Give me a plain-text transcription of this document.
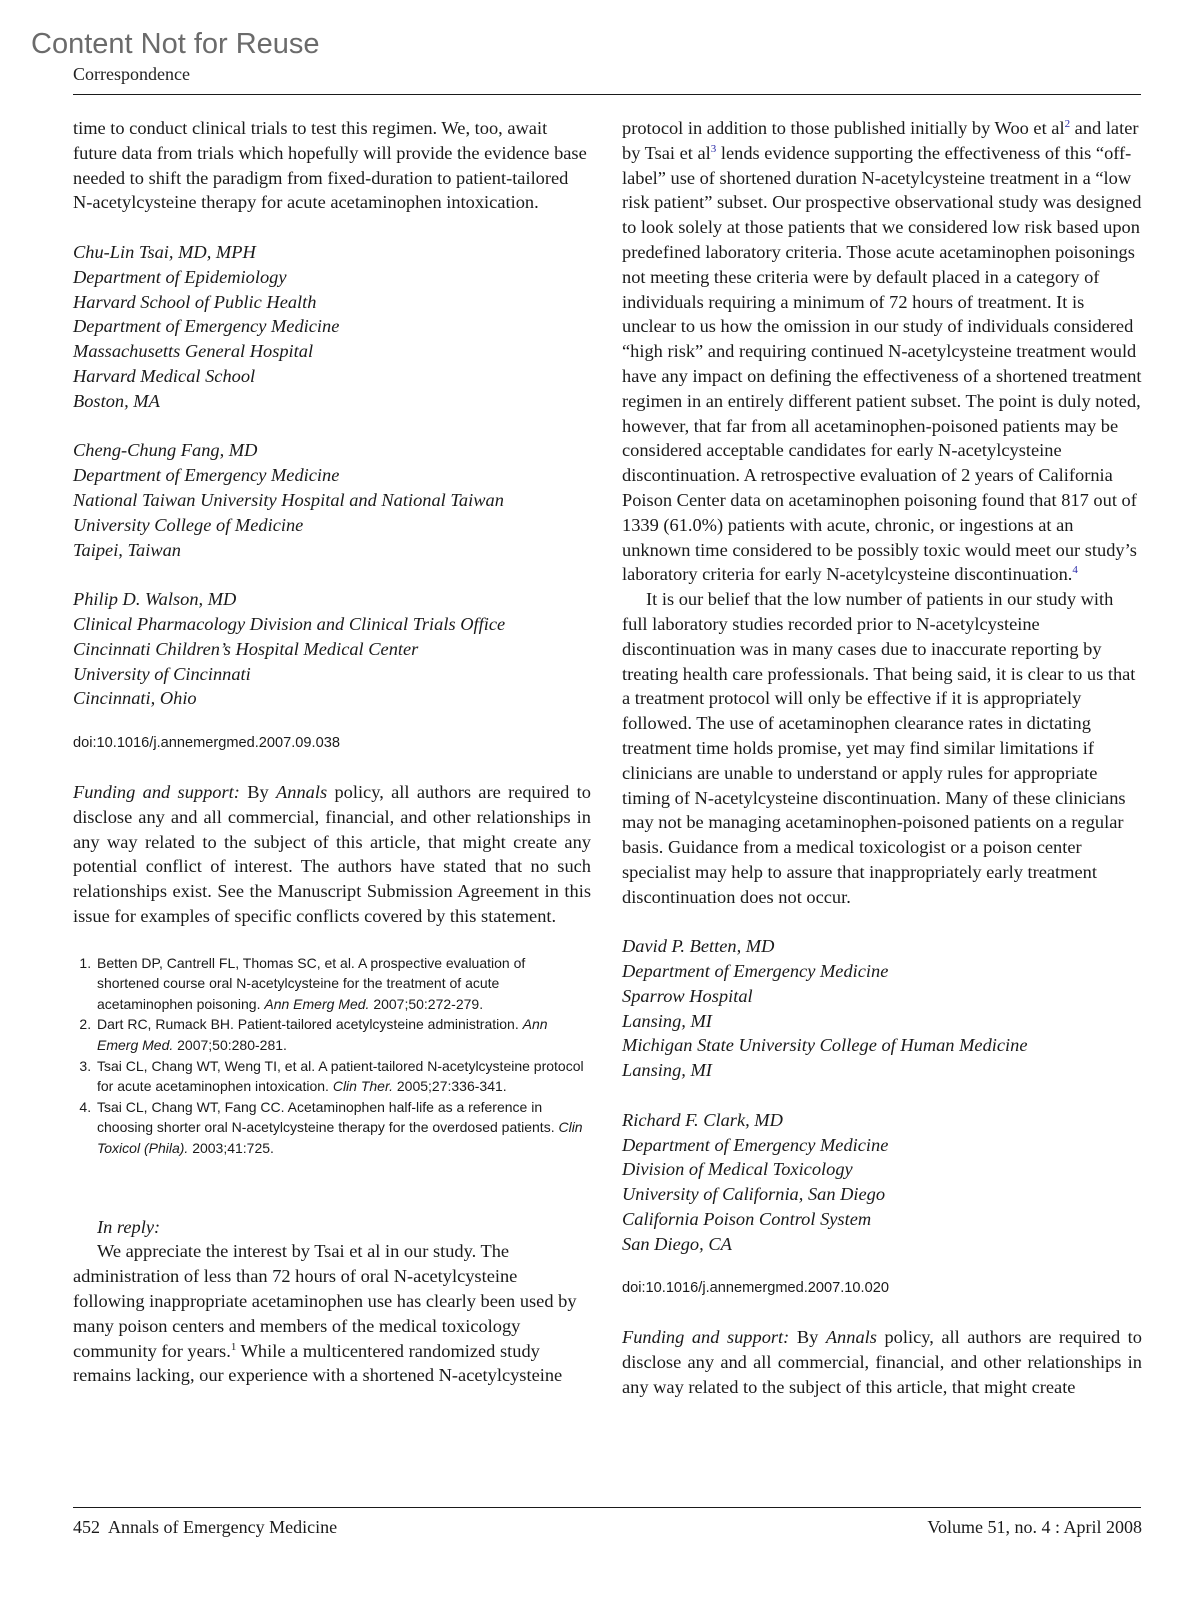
Content Not for Reuse
Correspondence

time to conduct clinical trials to test this regimen. We, too, await future data from trials which hopefully will provide the evidence base needed to shift the paradigm from fixed-duration to patient-tailored N-acetylcysteine therapy for acute acetaminophen intoxication.

Chu-Lin Tsai, MD, MPH
Department of Epidemiology
Harvard School of Public Health
Department of Emergency Medicine
Massachusetts General Hospital
Harvard Medical School
Boston, MA
Cheng-Chung Fang, MD
Department of Emergency Medicine
National Taiwan University Hospital and National Taiwan
University College of Medicine
Taipei, Taiwan
Philip D. Walson, MD
Clinical Pharmacology Division and Clinical Trials Office
Cincinnati Children’s Hospital Medical Center
University of Cincinnati
Cincinnati, Ohio
doi:10.1016/j.annemergmed.2007.09.038

Funding and support: By Annals policy, all authors are required to disclose any and all commercial, financial, and other relationships in any way related to the subject of this article, that might create any potential conflict of interest. The authors have stated that no such relationships exist. See the Manuscript Submission Agreement in this issue for examples of specific conflicts covered by this statement.

1. Betten DP, Cantrell FL, Thomas SC, et al. A prospective evaluation of shortened course oral N-acetylcysteine for the treatment of acute acetaminophen poisoning. Ann Emerg Med. 2007;50:272-279.
2. Dart RC, Rumack BH. Patient-tailored acetylcysteine administration. Ann Emerg Med. 2007;50:280-281.
3. Tsai CL, Chang WT, Weng TI, et al. A patient-tailored N-acetylcysteine protocol for acute acetaminophen intoxication. Clin Ther. 2005;27:336-341.
4. Tsai CL, Chang WT, Fang CC. Acetaminophen half-life as a reference in choosing shorter oral N-acetylcysteine therapy for the overdosed patients. Clin Toxicol (Phila). 2003;41:725.

In reply:

We appreciate the interest by Tsai et al in our study. The administration of less than 72 hours of oral N-acetylcysteine following inappropriate acetaminophen use has clearly been used by many poison centers and members of the medical toxicology community for years.$^1$ While a multicentered randomized study remains lacking, our experience with a shortened N-acetylcysteine

protocol in addition to those published initially by Woo et $al^2$ and later by Tsai et $al^3$ lends evidence supporting the effectiveness of this “off-label” use of shortened duration N-acetylcysteine treatment in a “low risk patient” subset. Our prospective observational study was designed to look solely at those patients that we considered low risk based upon predefined laboratory criteria. Those acute acetaminophen poisonings not meeting these criteria were by default placed in a category of individuals requiring a minimum of 72 hours of treatment. It is unclear to us how the omission in our study of individuals considered “high risk” and requiring continued N-acetylcysteine treatment would have any impact on defining the effectiveness of a shortened treatment regimen in an entirely different patient subset. The point is duly noted, however, that far from all acetaminophen-poisoned patients may be considered acceptable candidates for early N-acetylcysteine discontinuation. A retrospective evaluation of 2 years of California Poison Center data on acetaminophen poisoning found that 817 out of 1339 (61.0%) patients with acute, chronic, or ingestions at an unknown time considered to be possibly toxic would meet our study’s laboratory criteria for early N-acetylcysteine discontinuation.$^4$

It is our belief that the low number of patients in our study with full laboratory studies recorded prior to N-acetylcysteine discontinuation was in many cases due to inaccurate reporting by treating health care professionals. That being said, it is clear to us that a treatment protocol will only be effective if it is appropriately followed. The use of acetaminophen clearance rates in dictating treatment time holds promise, yet may find similar limitations if clinicians are unable to understand or apply rules for appropriate timing of N-acetylcysteine discontinuation. Many of these clinicians may not be managing acetaminophen-poisoned patients on a regular basis. Guidance from a medical toxicologist or a poison center specialist may help to assure that inappropriately early treatment discontinuation does not occur.

David P. Betten, MD
Department of Emergency Medicine
Sparrow Hospital
Lansing, MI
Michigan State University College of Human Medicine
Lansing, MI
Richard F. Clark, MD
Department of Emergency Medicine
Division of Medical Toxicology
University of California, San Diego
California Poison Control System
San Diego, CA
doi:10.1016/j.annemergmed.2007.10.020

Funding and support: By Annals policy, all authors are required to disclose any and all commercial, financial, and other relationships in any way related to the subject of this article, that might create

452 Annals of Emergency Medicine	Volume 51, no. 4 : April 2008
